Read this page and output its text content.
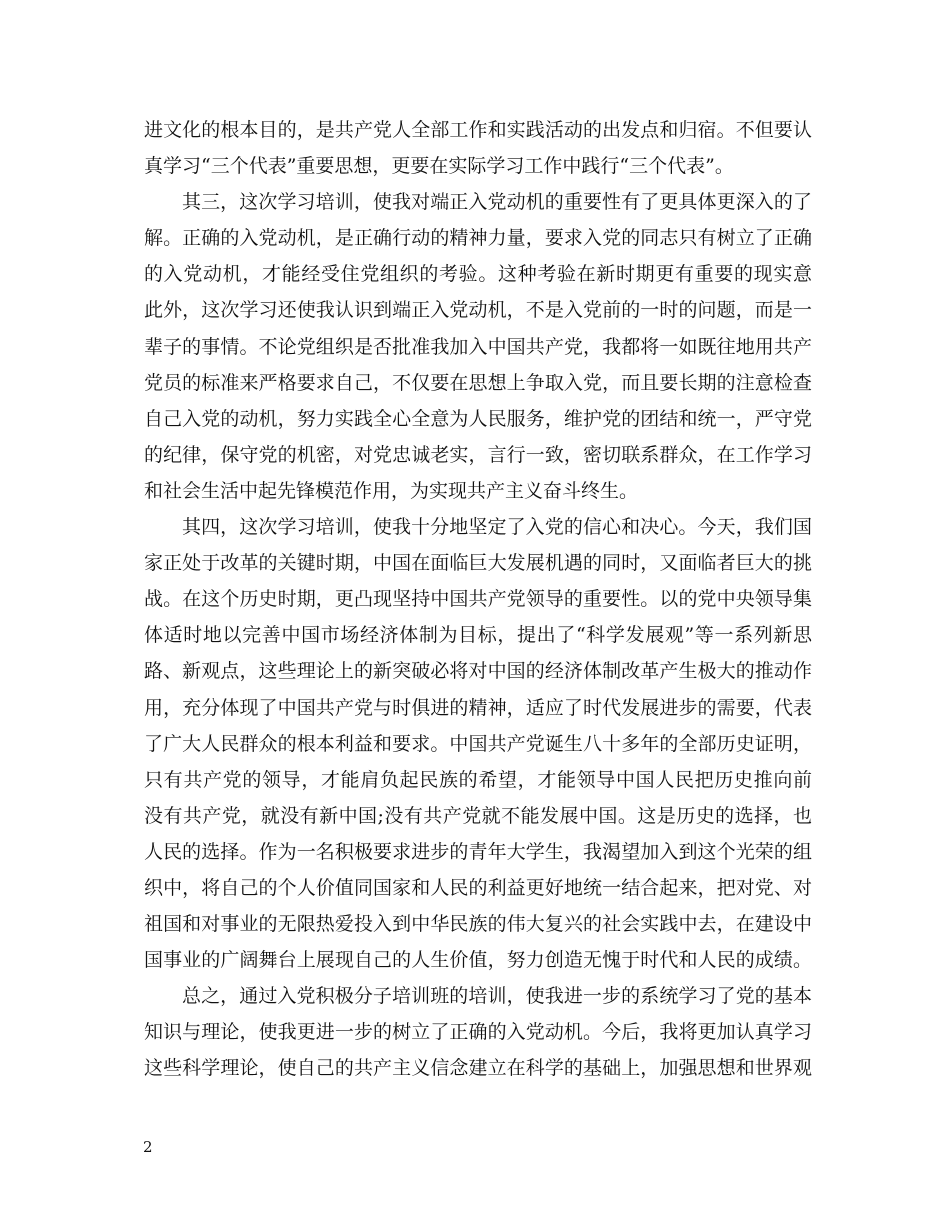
进文化的根本目的，是共产党人全部工作和实践活动的出发点和归宿。不但要认
真学习“三个代表”重要思想，更要在实际学习工作中践行“三个代表”。
其三，这次学习培训，使我对端正入党动机的重要性有了更具体更深入的了
解。正确的入党动机，是正确行动的精神力量，要求入党的同志只有树立了正确
的入党动机，才能经受住党组织的考验。这种考验在新时期更有重要的现实意
此外，这次学习还使我认识到端正入党动机，不是入党前的一时的问题，而是一
辈子的事情。不论党组织是否批准我加入中国共产党，我都将一如既往地用共产
党员的标准来严格要求自己，不仅要在思想上争取入党，而且要长期的注意检查
自己入党的动机，努力实践全心全意为人民服务，维护党的团结和统一，严守党
的纪律，保守党的机密，对党忠诚老实，言行一致，密切联系群众，在工作学习
和社会生活中起先锋模范作用，为实现共产主义奋斗终生。
其四，这次学习培训，使我十分地坚定了入党的信心和决心。今天，我们国
家正处于改革的关键时期，中国在面临巨大发展机遇的同时，又面临者巨大的挑
战。在这个历史时期，更凸现坚持中国共产党领导的重要性。以的党中央领导集
体适时地以完善中国市场经济体制为目标，提出了“科学发展观”等一系列新思
路、新观点，这些理论上的新突破必将对中国的经济体制改革产生极大的推动作
用，充分体现了中国共产党与时俱进的精神，适应了时代发展进步的需要，代表
了广大人民群众的根本利益和要求。中国共产党诞生八十多年的全部历史证明，
只有共产党的领导，才能肩负起民族的希望，才能领导中国人民把历史推向前
没有共产党，就没有新中国;没有共产党就不能发展中国。这是历史的选择，也
人民的选择。作为一名积极要求进步的青年大学生，我渴望加入到这个光荣的组
织中，将自己的个人价值同国家和人民的利益更好地统一结合起来，把对党、对
祖国和对事业的无限热爱投入到中华民族的伟大复兴的社会实践中去，在建设中
国事业的广阔舞台上展现自己的人生价值，努力创造无愧于时代和人民的成绩。
总之，通过入党积极分子培训班的培训，使我进一步的系统学习了党的基本
知识与理论，使我更进一步的树立了正确的入党动机。今后，我将更加认真学习
这些科学理论，使自己的共产主义信念建立在科学的基础上，加强思想和世界观
2
